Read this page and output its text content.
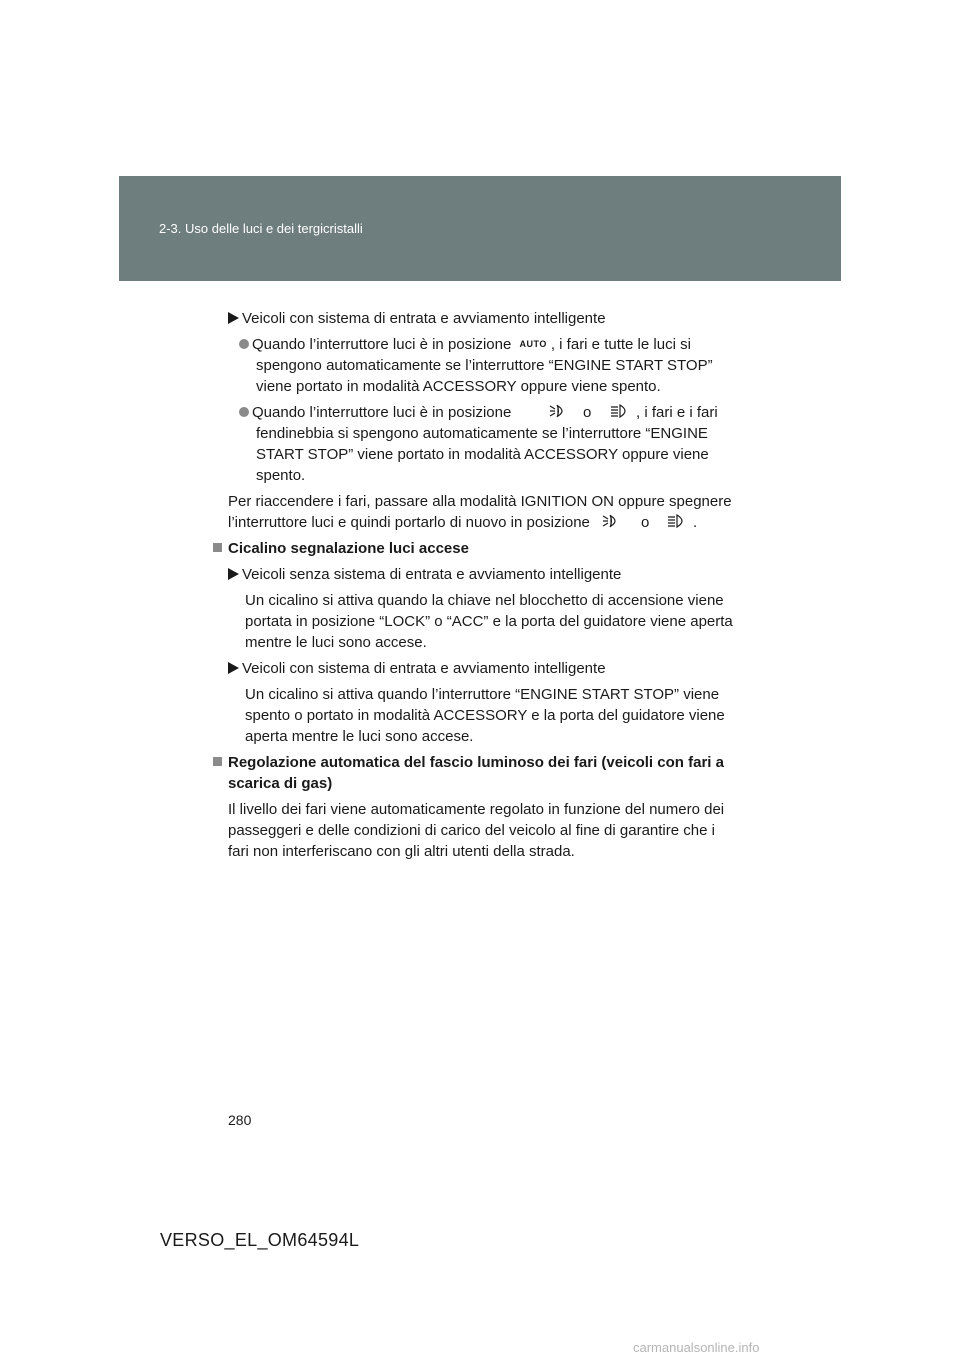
2-3. Uso delle luci e dei tergicristalli
Veicoli con sistema di entrata e avviamento intelligente
Quando l’interruttore luci è in posizione AUTO , i fari e tutte le luci si
spengono automaticamente se l’interruttore “ENGINE START STOP”
viene portato in modalità ACCESSORY oppure viene spento.
Quando l’interruttore luci è in posizione	o	, i fari e i fari
fendinebbia si spengono automaticamente se l’interruttore “ENGINE
START STOP” viene portato in modalità ACCESSORY oppure viene
spento.
Per riaccendere i fari, passare alla modalità IGNITION ON oppure spegnere
l’interruttore luci e quindi portarlo di nuovo in posizione	o	.
Cicalino segnalazione luci accese
Veicoli senza sistema di entrata e avviamento intelligente
Un cicalino si attiva quando la chiave nel blocchetto di accensione viene
portata in posizione “LOCK” o “ACC” e la porta del guidatore viene aperta
mentre le luci sono accese.
Veicoli con sistema di entrata e avviamento intelligente
Un cicalino si attiva quando l’interruttore “ENGINE START STOP” viene
spento o portato in modalità ACCESSORY e la porta del guidatore viene
aperta mentre le luci sono accese.
Regolazione automatica del fascio luminoso dei fari (veicoli con fari a
scarica di gas)
Il livello dei fari viene automaticamente regolato in funzione del numero dei
passeggeri e delle condizioni di carico del veicolo al fine di garantire che i
fari non interferiscano con gli altri utenti della strada.
280
VERSO_EL_OM64594L
carmanualsonline.info
